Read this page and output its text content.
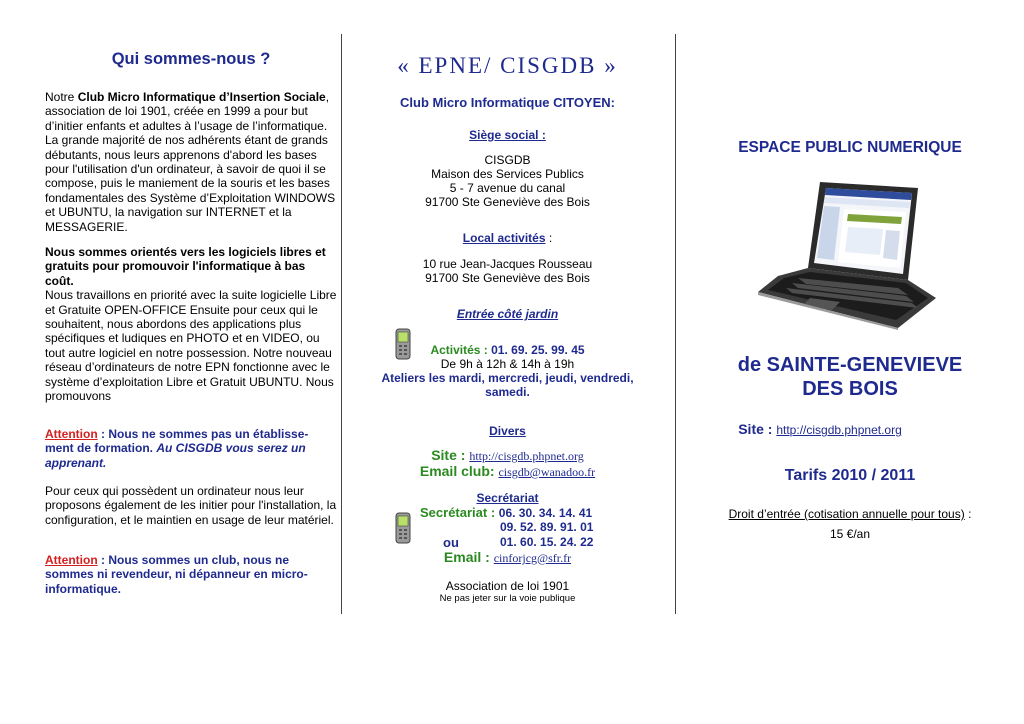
Qui sommes-nous ?

Notre Club Micro Informatique d’Insertion Sociale, association de loi 1901, créée en 1999 a pour but d’initier enfants et adultes à l’usage de l’informatique. La grande majorité de nos adhérents étant de grands débutants, nous leurs apprenons d'abord les bases pour l'utilisation d'un ordinateur, à savoir de quoi il se compose, puis le maniement de la souris et les bases fondamentales des Système d’Exploitation WINDOWS et UBUNTU, la navigation sur INTERNET et la MESSAGERIE.

Nous sommes orientés vers les logiciels libres et gratuits pour promouvoir l'informatique à bas coût.
Nous travaillons en priorité avec la suite logicielle Libre et Gratuite OPEN-OFFICE Ensuite pour ceux qui le souhaitent, nous abordons des applications plus spécifiques et ludiques en PHOTO et en VIDEO, ou tout autre logiciel en notre possession. Notre nouveau réseau d’ordinateurs de notre EPN fonctionne avec le système d’exploitation Libre et Gratuit UBUNTU. Nous promouvons

Attention : Nous ne sommes pas un établisse-ment de formation. Au CISGDB vous serez un apprenant.

Pour ceux qui possèdent un ordinateur nous leur proposons également de les initier pour l'installation, la configuration, et le maintien en usage de leur matériel.

Attention : Nous sommes un club, nous ne sommes ni revendeur, ni dépanneur en micro-informatique.

« EPNE/ CISGDB »

Club Micro Informatique CITOYEN:

Siège social :

CISGDB

Maison des Services Publics

5 - 7 avenue du canal

91700 Ste Geneviève des Bois

Local activités :

10 rue Jean-Jacques Rousseau

91700 Ste Geneviève des Bois

Entrée côté jardin

Activités : 01. 69. 25. 99. 45

De 9h à 12h & 14h à 19h

Ateliers les mardi, mercredi, jeudi, vendredi, samedi.

Divers

Site : http://cisgdb.phpnet.org

Email club: cisgdb@wanadoo.fr

Secrétariat

Secrétariat : 06. 30. 34. 14. 41
09. 52. 89. 91. 01
ou	01. 60. 15. 24. 22

Email : cinforjcg@sfr.fr

Association de loi 1901

Ne pas jeter sur la voie publique

ESPACE PUBLIC NUMERIQUE

de SAINTE-GENEVIEVE

DES BOIS

Site : http://cisgdb.phpnet.org

Tarifs 2010 / 2011

Droit d’entrée (cotisation annuelle pour tous) :

15 €/an
